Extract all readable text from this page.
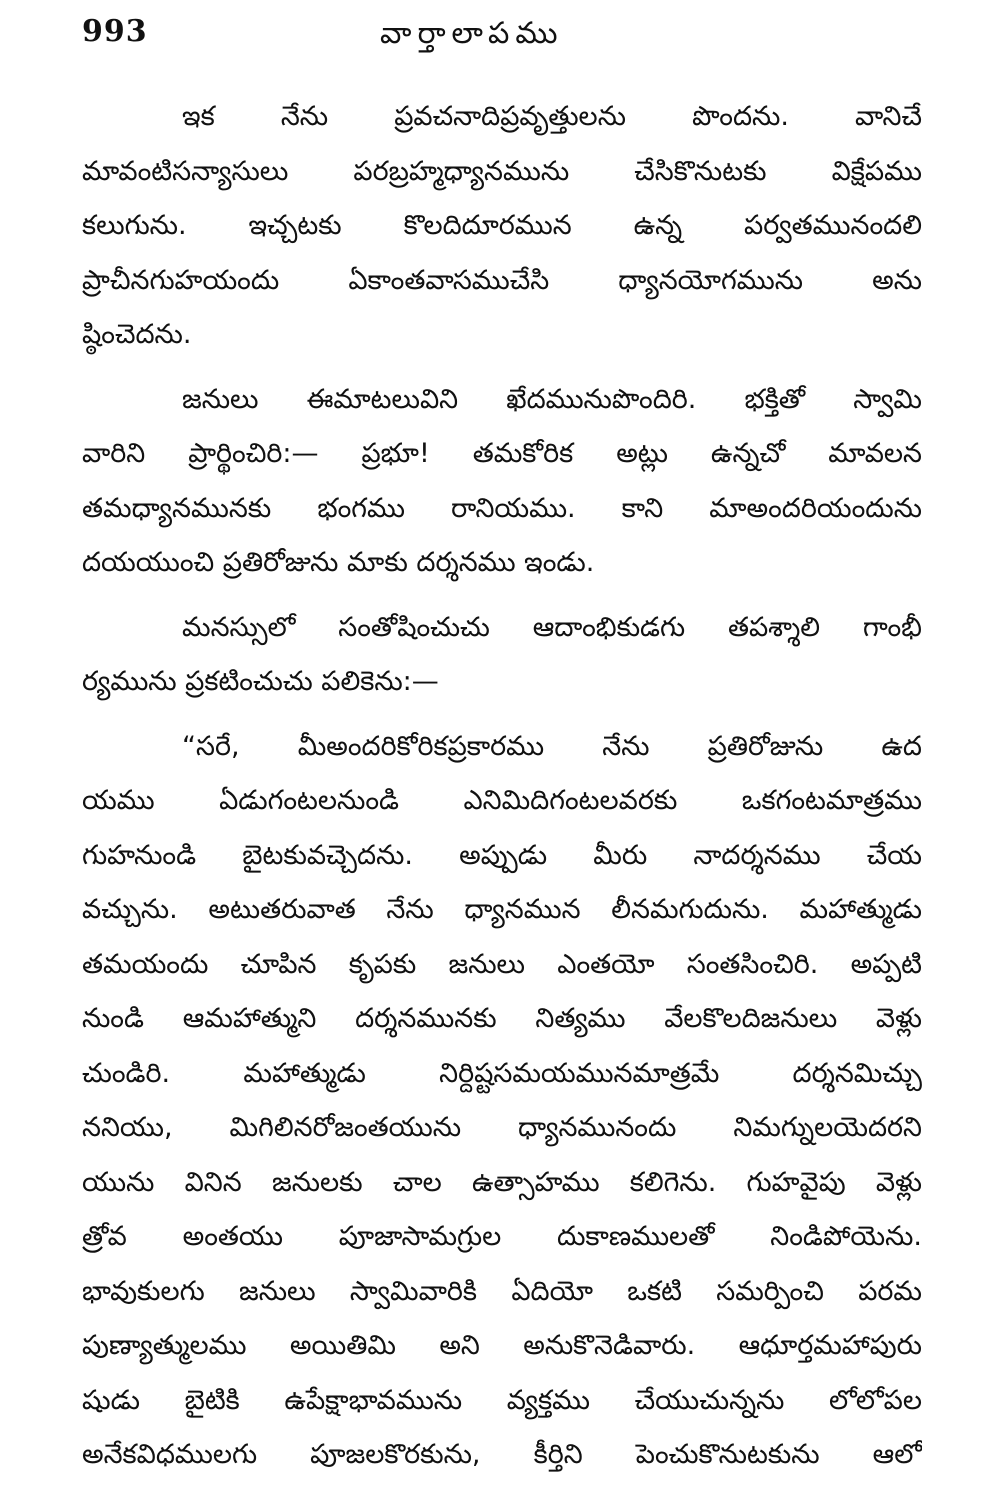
993	వార్తాలాపము
ఇక నేను ప్రవచనాదిప్రవృత్తులను పొందను. వానిచే
మావంటిసన్యాసులు పరబ్రహ్మధ్యానమును చేసికొనుటకు విక్షేపము
కలుగును. ఇచ్చటకు కొలదిదూరమున ఉన్న పర్వతమునందలి
ప్రాచీనగుహయందు ఏకాంతవాసముచేసి ధ్యానయోగమును అను
ష్ఠించెదను.
జనులు ఈమాటలువిని ఖేదమునుపొందిరి. భక్తితో స్వామి
వారిని ప్రార్థించిరి:— ప్రభూ! తమకోరిక అట్లు ఉన్నచో మావలన
తమధ్యానమునకు భంగము రానియము. కాని మాఅందరియందును
దయయుంచి ప్రతిరోజును మాకు దర్శనము ఇండు.
మనస్సులో సంతోషించుచు ఆదాంభికుడగు తపశ్శాలి గాంభీ
ర్యమును ప్రకటించుచు పలికెను:—
“సరే, మీఅందరికోరికప్రకారము నేను ప్రతిరోజును ఉద
యము ఏడుగంటలనుండి ఎనిమిదిగంటలవరకు ఒకగంటమాత్రము
గుహనుండి బైటకువచ్చెదను. అప్పుడు మీరు నాదర్శనము చేయ
వచ్చును. అటుతరువాత నేను ధ్యానమున లీనమగుదును. మహాత్ముడు
తమయందు చూపిన కృపకు జనులు ఎంతయో సంతసించిరి. అప్పటి
నుండి ఆమహాత్ముని దర్శనమునకు నిత్యము వేలకొలదిజనులు వెళ్లు
చుండిరి. మహాత్ముడు నిర్దిష్టసమయమునమాత్రమే దర్శనమిచ్చు
ననియు, మిగిలినరోజంతయును ధ్యానమునందు నిమగ్నులయెదరని
యును వినిన జనులకు చాల ఉత్సాహము కలిగెను. గుహవైపు వెళ్లు
త్రోవ అంతయు పూజాసామగ్రుల దుకాణములతో నిండిపోయెను.
భావుకులగు జనులు స్వామివారికి ఏదియో ఒకటి సమర్పించి పరమ
పుణ్యాత్ములము అయితిమి అని అనుకొనెడివారు. ఆధూర్తమహాపురు
షుడు బైటికి ఉపేక్షాభావమును వ్యక్తము చేయుచున్నను లోలోపల
అనేకవిధములగు పూజలకొరకును, కీర్తిని పెంచుకొనుటకును ఆలో
